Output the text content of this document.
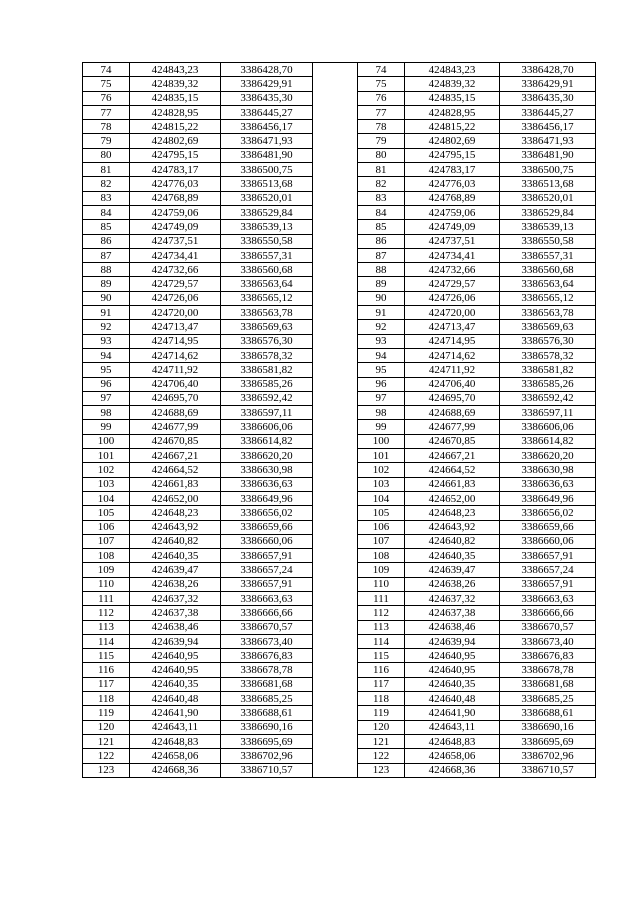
74	424843,23	3386428,70		74	424843,23	3386428,70
75	424839,32	3386429,91		75	424839,32	3386429,91
76	424835,15	3386435,30		76	424835,15	3386435,30
77	424828,95	3386445,27		77	424828,95	3386445,27
78	424815,22	3386456,17		78	424815,22	3386456,17
79	424802,69	3386471,93		79	424802,69	3386471,93
80	424795,15	3386481,90		80	424795,15	3386481,90
81	424783,17	3386500,75		81	424783,17	3386500,75
82	424776,03	3386513,68		82	424776,03	3386513,68
83	424768,89	3386520,01		83	424768,89	3386520,01
84	424759,06	3386529,84		84	424759,06	3386529,84
85	424749,09	3386539,13		85	424749,09	3386539,13
86	424737,51	3386550,58		86	424737,51	3386550,58
87	424734,41	3386557,31		87	424734,41	3386557,31
88	424732,66	3386560,68		88	424732,66	3386560,68
89	424729,57	3386563,64		89	424729,57	3386563,64
90	424726,06	3386565,12		90	424726,06	3386565,12
91	424720,00	3386563,78		91	424720,00	3386563,78
92	424713,47	3386569,63		92	424713,47	3386569,63
93	424714,95	3386576,30		93	424714,95	3386576,30
94	424714,62	3386578,32		94	424714,62	3386578,32
95	424711,92	3386581,82		95	424711,92	3386581,82
96	424706,40	3386585,26		96	424706,40	3386585,26
97	424695,70	3386592,42		97	424695,70	3386592,42
98	424688,69	3386597,11		98	424688,69	3386597,11
99	424677,99	3386606,06		99	424677,99	3386606,06
100	424670,85	3386614,82		100	424670,85	3386614,82
101	424667,21	3386620,20		101	424667,21	3386620,20
102	424664,52	3386630,98		102	424664,52	3386630,98
103	424661,83	3386636,63		103	424661,83	3386636,63
104	424652,00	3386649,96		104	424652,00	3386649,96
105	424648,23	3386656,02		105	424648,23	3386656,02
106	424643,92	3386659,66		106	424643,92	3386659,66
107	424640,82	3386660,06		107	424640,82	3386660,06
108	424640,35	3386657,91		108	424640,35	3386657,91
109	424639,47	3386657,24		109	424639,47	3386657,24
110	424638,26	3386657,91		110	424638,26	3386657,91
111	424637,32	3386663,63		111	424637,32	3386663,63
112	424637,38	3386666,66		112	424637,38	3386666,66
113	424638,46	3386670,57		113	424638,46	3386670,57
114	424639,94	3386673,40		114	424639,94	3386673,40
115	424640,95	3386676,83		115	424640,95	3386676,83
116	424640,95	3386678,78		116	424640,95	3386678,78
117	424640,35	3386681,68		117	424640,35	3386681,68
118	424640,48	3386685,25		118	424640,48	3386685,25
119	424641,90	3386688,61		119	424641,90	3386688,61
120	424643,11	3386690,16		120	424643,11	3386690,16
121	424648,83	3386695,69		121	424648,83	3386695,69
122	424658,06	3386702,96		122	424658,06	3386702,96
123	424668,36	3386710,57		123	424668,36	3386710,57
